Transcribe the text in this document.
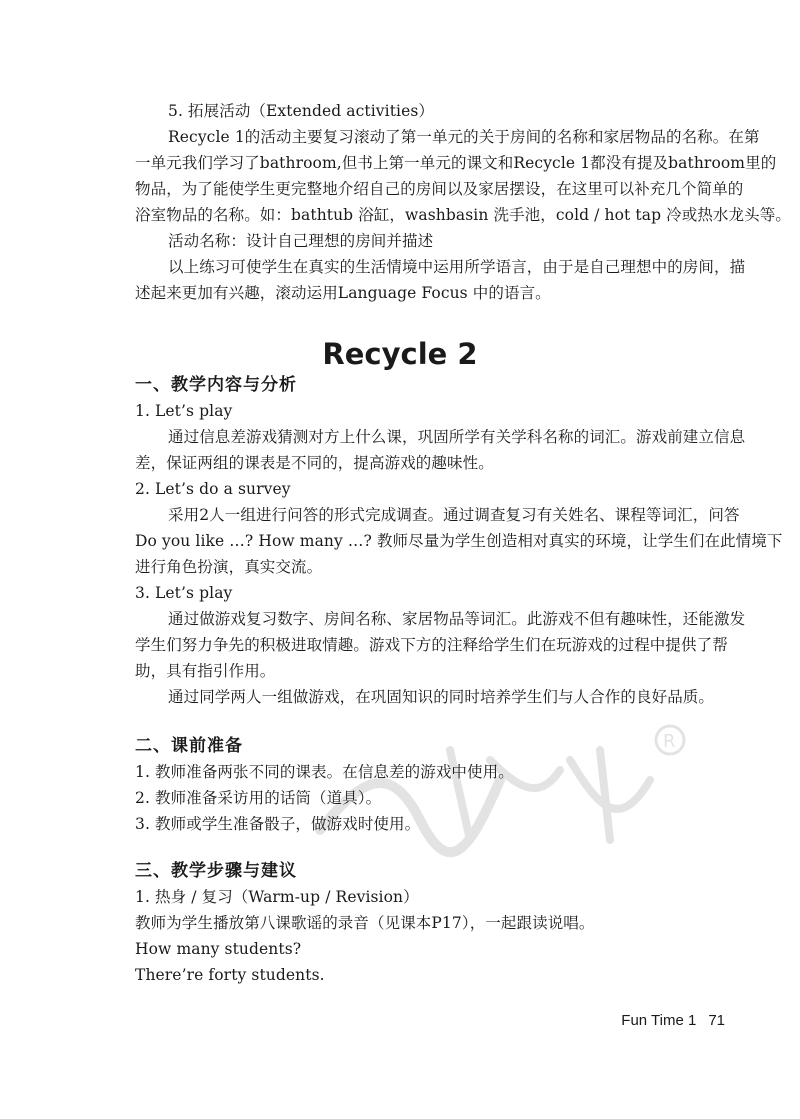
5. 拓展活动（Extended activities）
Recycle 1的活动主要复习滚动了第一单元的关于房间的名称和家居物品的名称。在第
一单元我们学习了bathroom,但书上第一单元的课文和Recycle 1都没有提及bathroom里的
物品，为了能使学生更完整地介绍自己的房间以及家居摆设，在这里可以补充几个简单的
浴室物品的名称。如：bathtub 浴缸，washbasin 洗手池，cold / hot tap 冷或热水龙头等。
活动名称：设计自己理想的房间并描述
以上练习可使学生在真实的生活情境中运用所学语言，由于是自己理想中的房间，描
述起来更加有兴趣，滚动运用Language Focus 中的语言。
Recycle 2
一、教学内容与分析
1. Let’s play
通过信息差游戏猜测对方上什么课，巩固所学有关学科名称的词汇。游戏前建立信息
差，保证两组的课表是不同的，提高游戏的趣味性。
2. Let’s do a survey
采用2人一组进行问答的形式完成调查。通过调查复习有关姓名、课程等词汇，问答
Do you like …? How many …? 教师尽量为学生创造相对真实的环境，让学生们在此情境下
进行角色扮演，真实交流。
3. Let’s play
通过做游戏复习数字、房间名称、家居物品等词汇。此游戏不但有趣味性，还能激发
学生们努力争先的积极进取情趣。游戏下方的注释给学生们在玩游戏的过程中提供了帮
助，具有指引作用。
通过同学两人一组做游戏，在巩固知识的同时培养学生们与人合作的良好品质。
二、课前准备
1. 教师准备两张不同的课表。在信息差的游戏中使用。
2. 教师准备采访用的话筒（道具）。
3. 教师或学生准备骰子，做游戏时使用。
三、教学步骤与建议
1. 热身 / 复习（Warm-up / Revision）
教师为学生播放第八课歌谣的录音（见课本P17），一起跟读说唱。
How many students?
There’re forty students.
R
Fun Time 1 71
